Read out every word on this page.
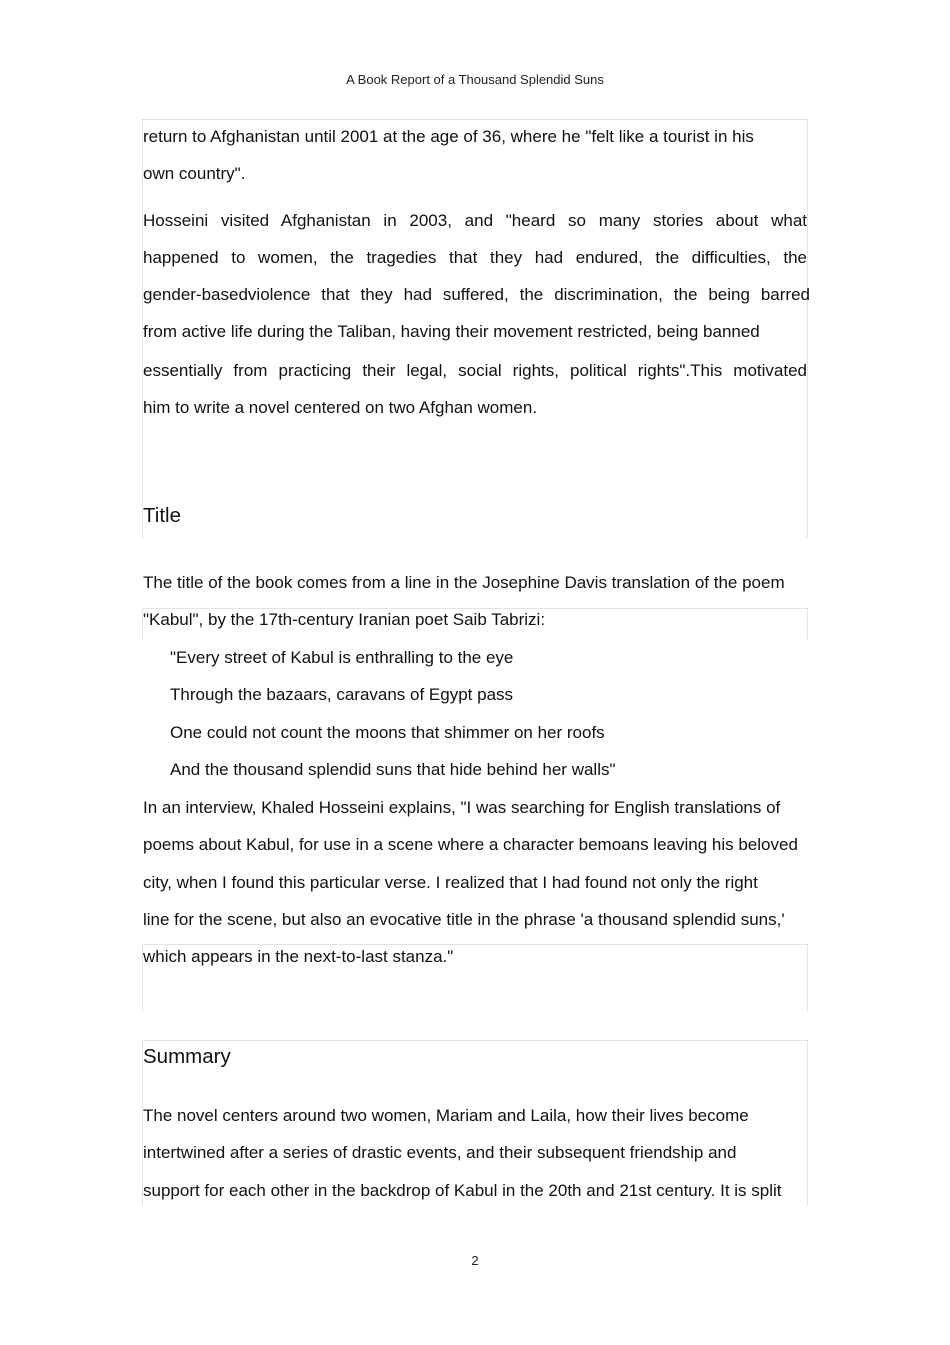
A Book Report of a Thousand Splendid Suns
return to Afghanistan until 2001 at the age of 36, where he "felt like a tourist in his
own country".
Hosseini visited Afghanistan in 2003, and "heard so many stories about what
happened to women, the tragedies that they had endured, the difficulties, the
gender-basedviolence that they had suffered, the discrimination, the being barred
from active life during the Taliban, having their movement restricted, being banned
essentially from practicing their legal, social rights, political rights".This motivated
him to write a novel centered on two Afghan women.
Title
The title of the book comes from a line in the Josephine Davis translation of the poem
"Kabul", by the 17th-century Iranian poet Saib Tabrizi:
"Every street of Kabul is enthralling to the eye
Through the bazaars, caravans of Egypt pass
One could not count the moons that shimmer on her roofs
And the thousand splendid suns that hide behind her walls"
In an interview, Khaled Hosseini explains, "I was searching for English translations of
poems about Kabul, for use in a scene where a character bemoans leaving his beloved
city, when I found this particular verse. I realized that I had found not only the right
line for the scene, but also an evocative title in the phrase 'a thousand splendid suns,'
which appears in the next-to-last stanza."
Summary
The novel centers around two women, Mariam and Laila, how their lives become
intertwined after a series of drastic events, and their subsequent friendship and
support for each other in the backdrop of Kabul in the 20th and 21st century. It is split
2
